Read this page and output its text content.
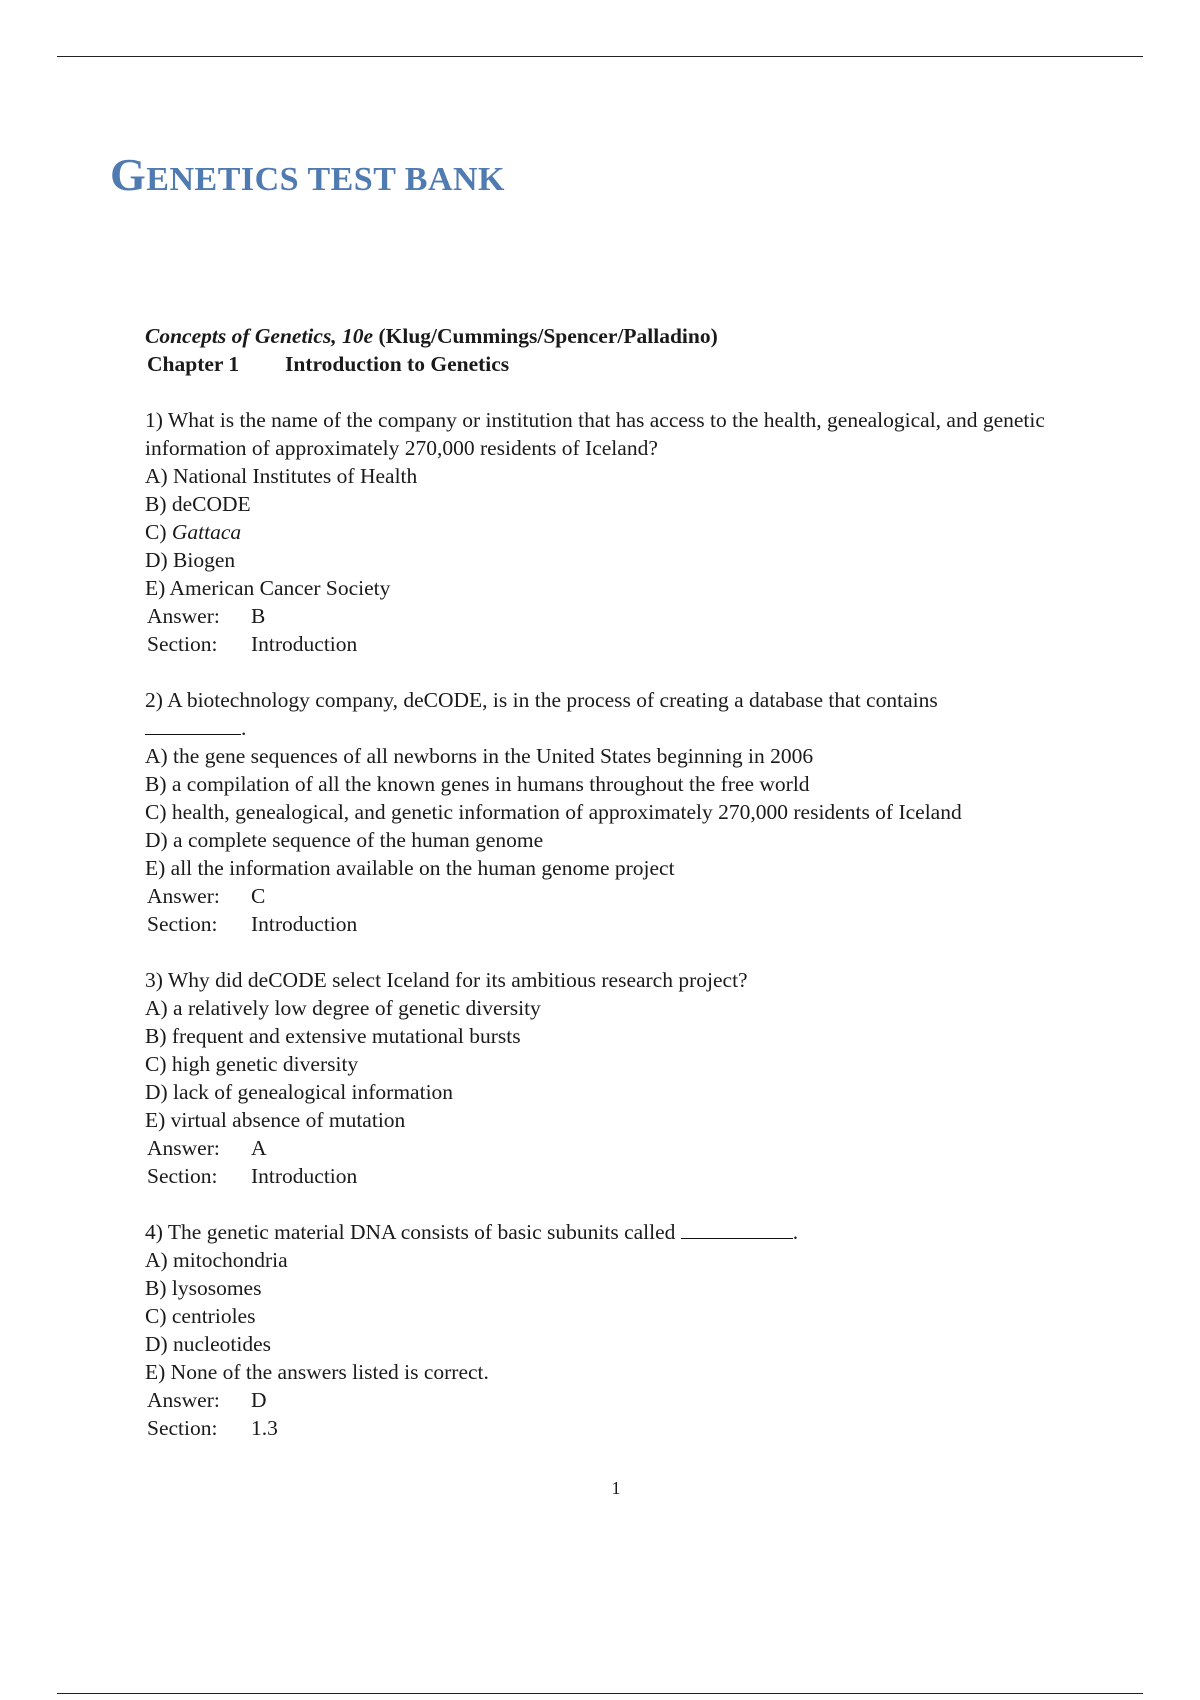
GENETICS TEST BANK

Concepts of Genetics, 10e (Klug/Cummings/Spencer/Palladino)

Chapter 1 Introduction to Genetics

1) What is the name of the company or institution that has access to the health, genealogical, and genetic information of approximately 270,000 residents of Iceland?

A) National Institutes of Health

B) deCODE

C) Gattaca

D) Biogen

E) American Cancer Society

Answer: B

Section: Introduction

2) A biotechnology company, deCODE, is in the process of creating a database that contains

.

A) the gene sequences of all newborns in the United States beginning in 2006

B) a compilation of all the known genes in humans throughout the free world

C) health, genealogical, and genetic information of approximately 270,000 residents of Iceland

D) a complete sequence of the human genome

E) all the information available on the human genome project

Answer: C

Section: Introduction

3) Why did deCODE select Iceland for its ambitious research project?

A) a relatively low degree of genetic diversity

B) frequent and extensive mutational bursts

C) high genetic diversity

D) lack of genealogical information

E) virtual absence of mutation

Answer: A

Section: Introduction

4) The genetic material DNA consists of basic subunits called	.

A) mitochondria

B) lysosomes

C) centrioles

D) nucleotides

E) None of the answers listed is correct.

Answer: D

Section: 1.3

1
